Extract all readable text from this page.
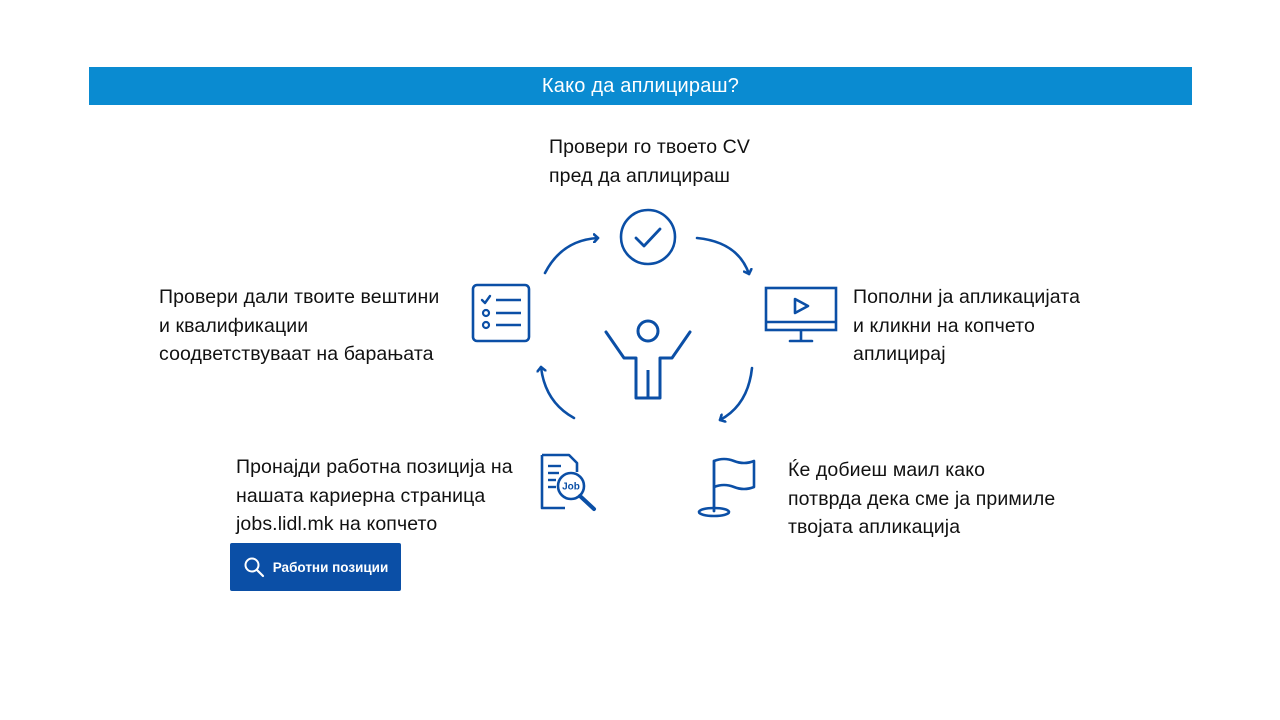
Како да аплицираш?
Провери го твоето CV
пред да аплицираш
Пополни ја апликацијата
и кликни на копчето
аплицирај
Ќе добиеш маил како
потврда дека сме ја примиле
твојата апликација
Пронајди работна позиција на
нашата кариерна страница
jobs.lidl.mk на копчето
Job
Провери дали твоите вештини
и квалификации
соодветствуваат на барањата
Работни позиции
